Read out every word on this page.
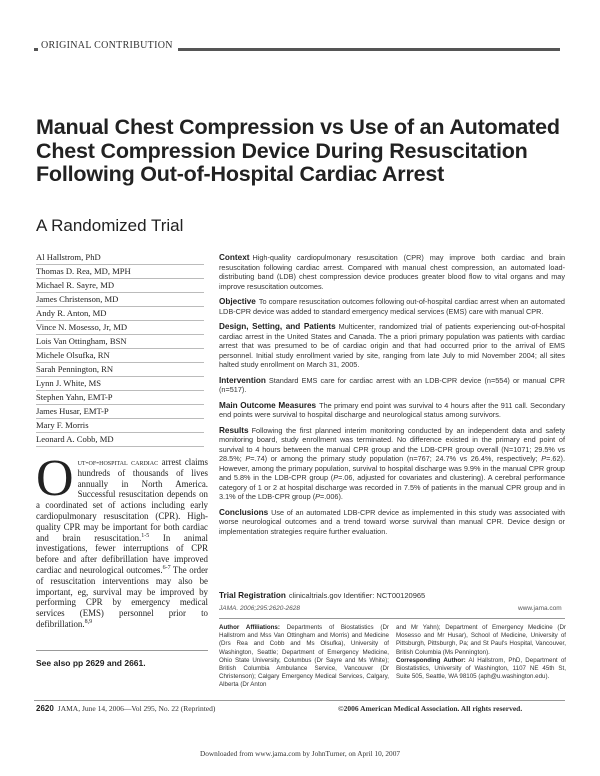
ORIGINAL CONTRIBUTION
Manual Chest Compression vs Use of an Automated Chest Compression Device During Resuscitation Following Out-of-Hospital Cardiac Arrest
A Randomized Trial
Al Hallstrom, PhD
Thomas D. Rea, MD, MPH
Michael R. Sayre, MD
James Christenson, MD
Andy R. Anton, MD
Vince N. Mosesso, Jr, MD
Lois Van Ottingham, BSN
Michele Olsufka, RN
Sarah Pennington, RN
Lynn J. White, MS
Stephen Yahn, EMT-P
James Husar, EMT-P
Mary F. Morris
Leonard A. Cobb, MD

Out-of-hospital cardiac arrest claims hundreds of thousands of lives annually in North America. Successful resuscitation depends on a coordinated set of actions including early cardiopulmonary resuscitation (CPR). High-quality CPR may be important for both cardiac and brain resuscitation.$^{1-5}$ In animal investigations, fewer interruptions of CPR before and after defibrillation have improved cardiac and neurological outcomes.$^{6-7}$ The order of resuscitation interventions may also be important, eg, survival may be improved by performing CPR by emergency medical services (EMS) personnel prior to defibrillation.$^{8,9}$

See also pp 2629 and 2661.

Context High-quality cardiopulmonary resuscitation (CPR) may improve both cardiac and brain resuscitation following cardiac arrest. Compared with manual chest compression, an automated load-distributing band (LDB) chest compression device produces greater blood flow to vital organs and may improve resuscitation outcomes.

Objective To compare resuscitation outcomes following out-of-hospital cardiac arrest when an automated LDB-CPR device was added to standard emergency medical services (EMS) care with manual CPR.

Design, Setting, and Patients Multicenter, randomized trial of patients experiencing out-of-hospital cardiac arrest in the United States and Canada. The a priori primary population was patients with cardiac arrest that was presumed to be of cardiac origin and that had occurred prior to the arrival of EMS personnel. Initial study enrollment varied by site, ranging from late July to mid November 2004; all sites halted study enrollment on March 31, 2005.

Intervention Standard EMS care for cardiac arrest with an LDB-CPR device (n=554) or manual CPR (n=517).

Main Outcome Measures The primary end point was survival to 4 hours after the 911 call. Secondary end points were survival to hospital discharge and neurological status among survivors.

Results Following the first planned interim monitoring conducted by an independent data and safety monitoring board, study enrollment was terminated. No difference existed in the primary end point of survival to 4 hours between the manual CPR group and the LDB-CPR group overall (N=1071; 29.5% vs 28.5%; P=.74) or among the primary study population (n=767; 24.7% vs 26.4%, respectively; P=.62). However, among the primary population, survival to hospital discharge was 9.9% in the manual CPR group and 5.8% in the LDB-CPR group (P=.06, adjusted for covariates and clustering). A cerebral performance category of 1 or 2 at hospital discharge was recorded in 7.5% of patients in the manual CPR group and in 3.1% of the LDB-CPR group (P=.006).

Conclusions Use of an automated LDB-CPR device as implemented in this study was associated with worse neurological outcomes and a trend toward worse survival than manual CPR. Device design or implementation strategies require further evaluation.

Trial Registration clinicaltrials.gov Identifier: NCT00120965
JAMA. 2006;295:2620-2628	www.jama.com

Author Affiliations: Departments of Biostatistics (Dr Hallstrom and Mss Van Ottingham and Morris) and Medicine (Drs Rea and Cobb and Ms Olsufka), University of Washington, Seattle; Department of Emergency Medicine, Ohio State University, Columbus (Dr Sayre and Ms White); British Columbia Ambulance Service, Vancouver (Dr Christenson); Calgary Emergency Medical Services, Calgary, Alberta (Dr Anton

and Mr Yahn); Department of Emergency Medicine (Dr Mosesso and Mr Husar), School of Medicine, University of Pittsburgh, Pittsburgh, Pa; and St Paul's Hospital, Vancouver, British Columbia (Ms Pennington).
Corresponding Author: Al Hallstrom, PhD, Department of Biostatistics, University of Washington, 1107 NE 45th St, Suite 505, Seattle, WA 98105 (aph@u.washington.edu).

2620 JAMA, June 14, 2006—Vol 295, No. 22 (Reprinted)	©2006 American Medical Association. All rights reserved.
Downloaded from www.jama.com by JohnTurner, on April 10, 2007
